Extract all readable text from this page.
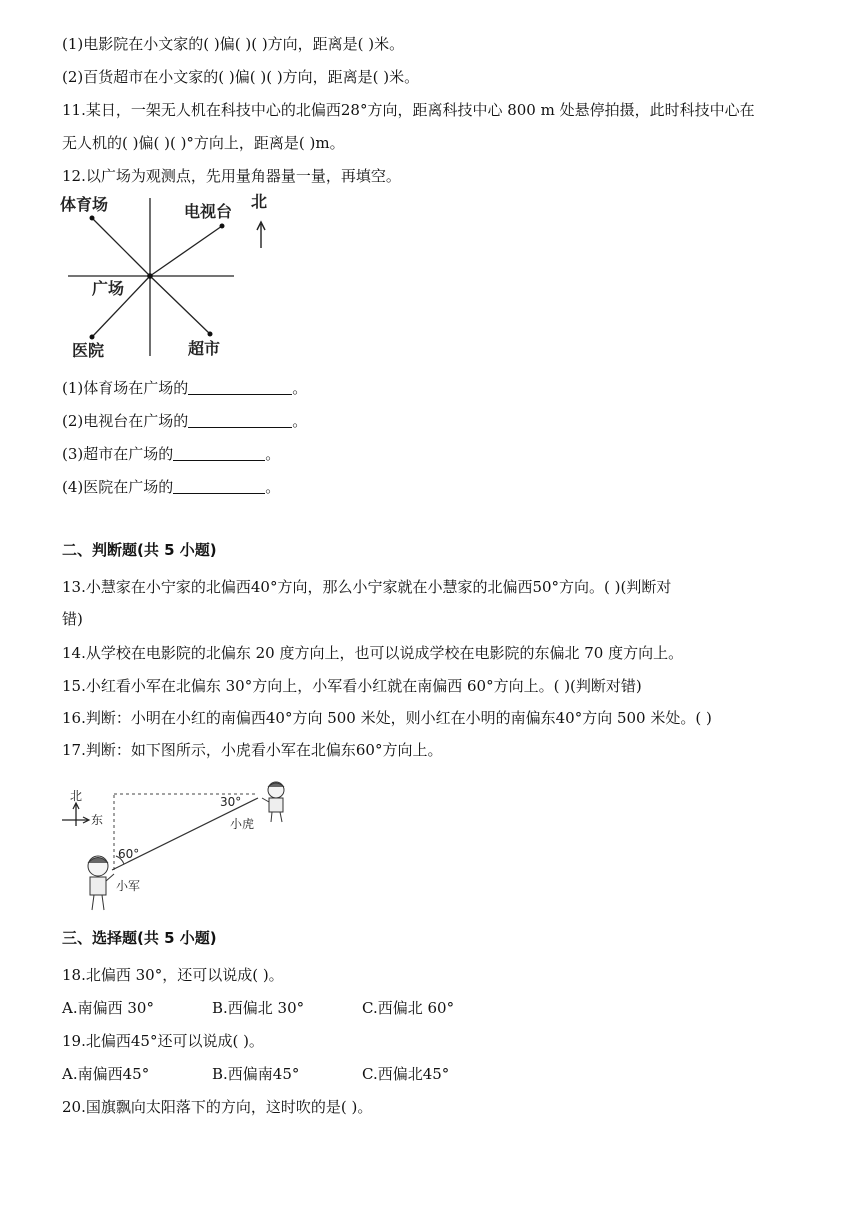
(1)电影院在小文家的( )偏( )( )方向，距离是( )米。
(2)百货超市在小文家的( )偏( )( )方向，距离是( )米。
11.某日，一架无人机在科技中心的北偏西28°方向，距离科技中心 800 m 处悬停拍摄，此时科技中心在
无人机的( )偏( )( )°方向上，距离是( )m。
12.以广场为观测点，先用量角器量一量，再填空。
体育场	电视台
北
广场
医院	超市
(1)体育场在广场的	。
(2)电视台在广场的	。
(3)超市在广场的	。
(4)医院在广场的	。
二、判断题(共 5 小题)
13.小慧家在小宁家的北偏西40°方向，那么小宁家就在小慧家的北偏西50°方向。( )(判断对
错)
14.从学校在电影院的北偏东 20 度方向上，也可以说成学校在电影院的东偏北 70 度方向上。
15.小红看小军在北偏东 30°方向上，小军看小红就在南偏西 60°方向上。( )(判断对错)
16.判断：小明在小红的南偏西40°方向 500 米处，则小红在小明的南偏东40°方向 500 米处。( )
17.判断：如下图所示，小虎看小军在北偏东60°方向上。
北
东
30°
60°
小虎
小军
三、选择题(共 5 小题)
18.北偏西 30°，还可以说成( )。
A.南偏西 30°	B.西偏北 30°	C.西偏北 60°
19.北偏西45°还可以说成( )。
A.南偏西45°	B.西偏南45°	C.西偏北45°
20.国旗飘向太阳落下的方向，这时吹的是( )。
